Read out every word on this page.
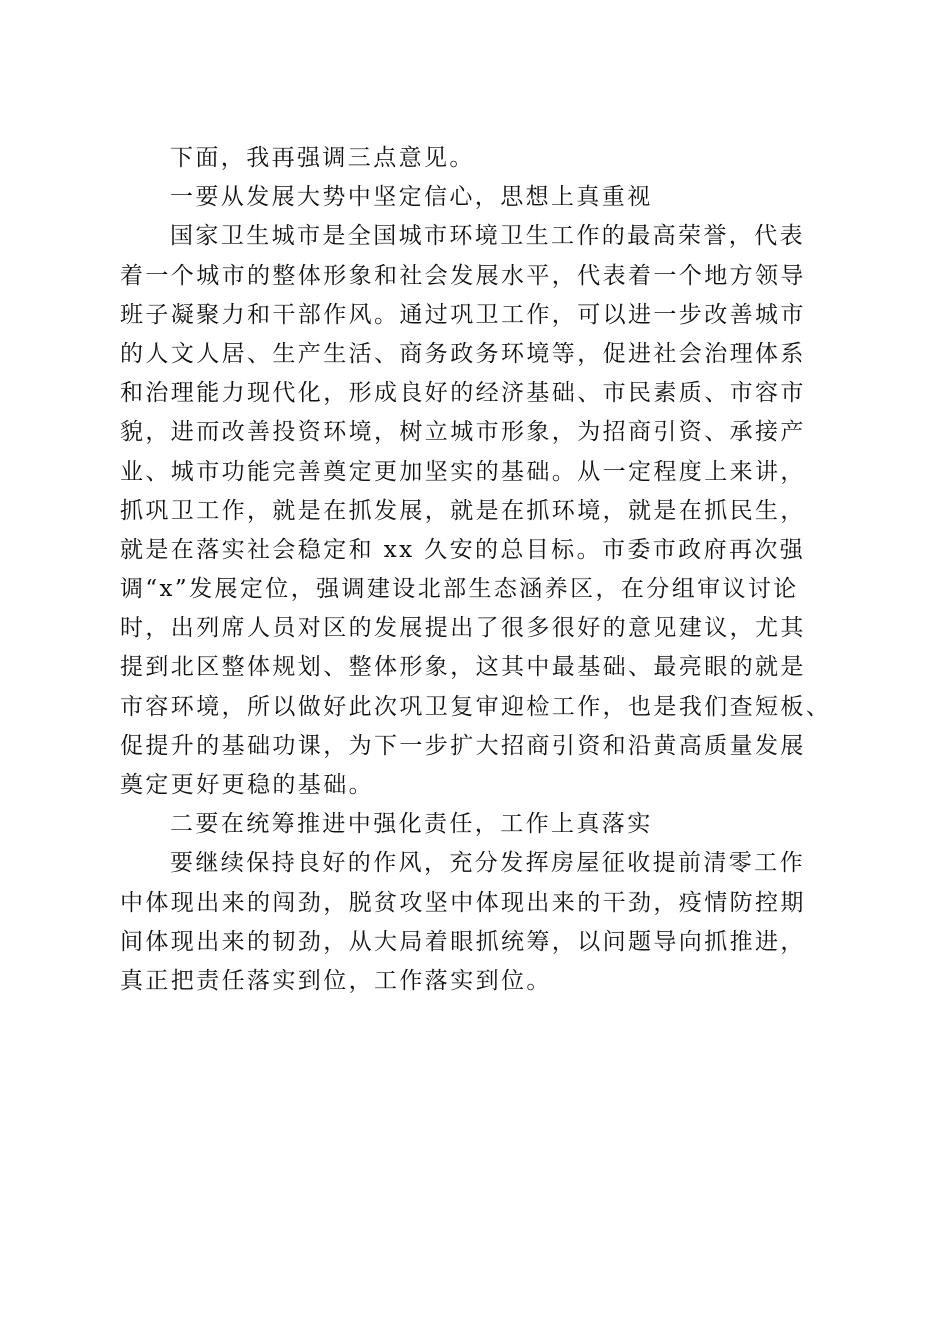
下面，我再强调三点意见。
一要从发展大势中坚定信心，思想上真重视
国家卫生城市是全国城市环境卫生工作的最高荣誉，代表
着一个城市的整体形象和社会发展水平，代表着一个地方领导
班子凝聚力和干部作风。通过巩卫工作，可以进一步改善城市
的人文人居、生产生活、商务政务环境等，促进社会治理体系
和治理能力现代化，形成良好的经济基础、市民素质、市容市
貌，进而改善投资环境，树立城市形象，为招商引资、承接产
业、城市功能完善奠定更加坚实的基础。从一定程度上来讲，
抓巩卫工作，就是在抓发展，就是在抓环境，就是在抓民生，
就是在落实社会稳定和 xx 久安的总目标。市委市政府再次强
调“x”发展定位，强调建设北部生态涵养区，在分组审议讨论
时，出列席人员对区的发展提出了很多很好的意见建议，尤其
提到北区整体规划、整体形象，这其中最基础、最亮眼的就是
市容环境，所以做好此次巩卫复审迎检工作，也是我们查短板、
促提升的基础功课，为下一步扩大招商引资和沿黄高质量发展
奠定更好更稳的基础。
二要在统筹推进中强化责任，工作上真落实
要继续保持良好的作风，充分发挥房屋征收提前清零工作
中体现出来的闯劲，脱贫攻坚中体现出来的干劲，疫情防控期
间体现出来的韧劲，从大局着眼抓统筹，以问题导向抓推进，
真正把责任落实到位，工作落实到位。
